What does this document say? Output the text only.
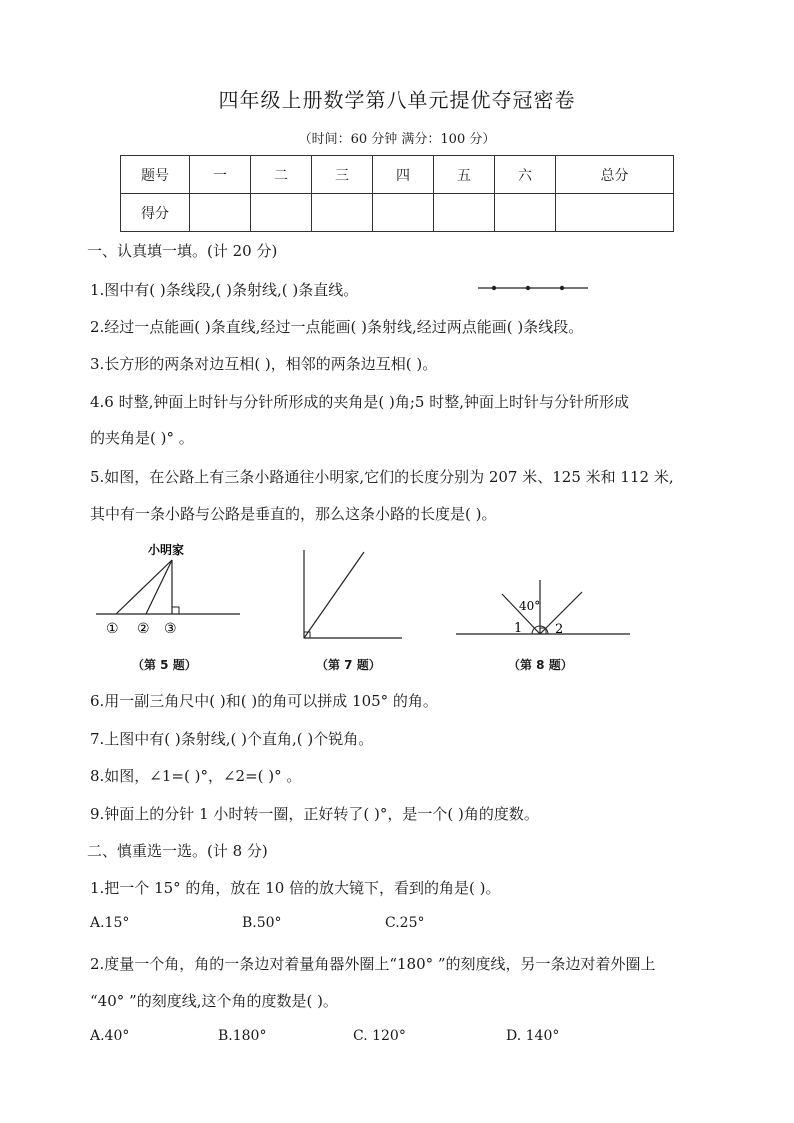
四年级上册数学第八单元提优夺冠密卷
（时间：60 分钟 满分：100 分）
题号	一	二	三	四	五	六	总分
得分							
一、认真填一填。(计 20 分)
1.图中有( )条线段,( )条射线,( )条直线。
2.经过一点能画( )条直线,经过一点能画( )条射线,经过两点能画( )条线段。
3.长方形的两条对边互相( )，相邻的两条边互相( )。
4.6 时整,钟面上时针与分针所形成的夹角是( )角;5 时整,钟面上时针与分针所形成
的夹角是( )° 。
5.如图，在公路上有三条小路通往小明家,它们的长度分别为 207 米、125 米和 112 米,
其中有一条小路与公路是垂直的，那么这条小路的长度是( )。
小明家
① ② ③
40°
1	2
（第 5 题）	（第 7 题）	（第 8 题）
6.用一副三角尺中( )和( )的角可以拼成 105° 的角。
7.上图中有( )条射线,( )个直角,( )个锐角。
8.如图，∠1=( )°，∠2=( )° 。
9.钟面上的分针 1 小时转一圈，正好转了( )°，是一个( )角的度数。
二、慎重选一选。(计 8 分)
1.把一个 15° 的角，放在 10 倍的放大镜下，看到的角是( )。
A.15°	B.50°	C.25°
2.度量一个角，角的一条边对着量角器外圈上“180° ”的刻度线，另一条边对着外圈上
“40° ”的刻度线,这个角的度数是( )。
A.40°	B.180°	C. 120°	D. 140°
